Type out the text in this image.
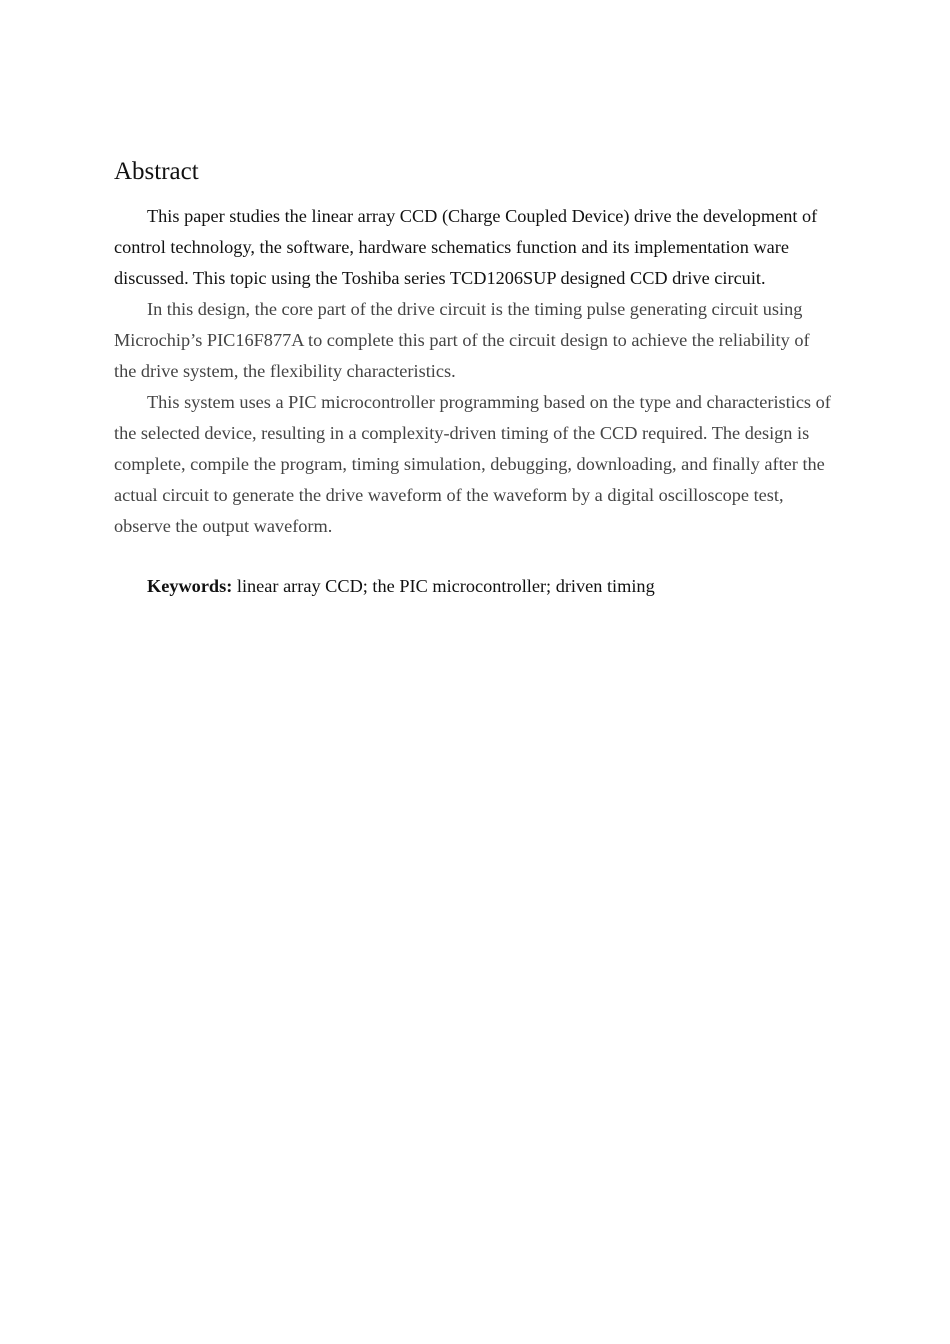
Abstract

This paper studies the linear array CCD (Charge Coupled Device) drive the development of control technology, the software, hardware schematics function and its implementation ware discussed. This topic using the Toshiba series TCD1206SUP designed CCD drive circuit.

In this design, the core part of the drive circuit is the timing pulse generating circuit using Microchip’s PIC16F877A to complete this part of the circuit design to achieve the reliability of the drive system, the flexibility characteristics.

This system uses a PIC microcontroller programming based on the type and characteristics of the selected device, resulting in a complexity-driven timing of the CCD required. The design is complete, compile the program, timing simulation, debugging, downloading, and finally after the actual circuit to generate the drive waveform of the waveform by a digital oscilloscope test, observe the output waveform.

Keywords: linear array CCD; the PIC microcontroller; driven timing
